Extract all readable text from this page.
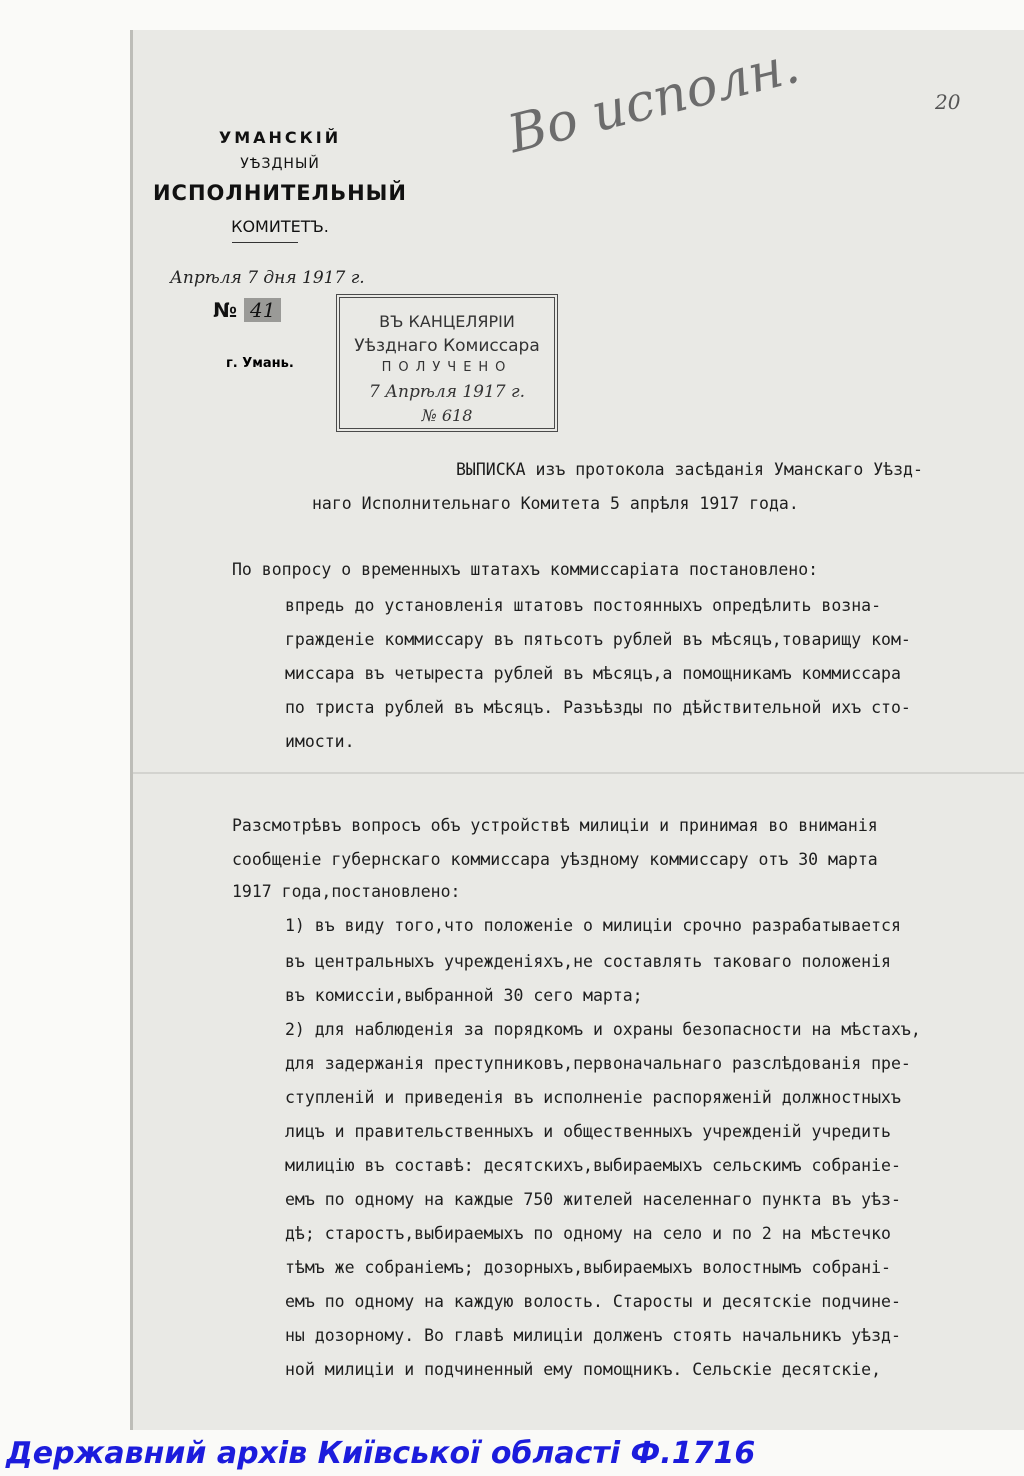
Во исполн.	20
УМАНСКІЙ
УѢЗДНЫЙ
ИСПОЛНИТЕЛЬНЫЙ
КОМИТЕТЪ.
Апрѣля 7 дня 1917 г.
№ 41
г. Умань.
ВЪ КАНЦЕЛЯРІИ
Уѣзднаго Комиссара
ПОЛУЧЕНО
7 Апрѣля 1917 г.
№ 618
ВЫПИСКА изъ протокола засѣданія Уманскаго Уѣзд-
наго Исполнительнаго Комитета 5 апрѣля 1917 года.
По вопросу о временныхъ штатахъ коммиссаріата постановлено:
впредь до установленія штатовъ постоянныхъ опредѣлить возна-
гражденіе коммиссару въ пятьсотъ рублей въ мѣсяцъ,товарищу ком-
миссара въ четыреста рублей въ мѣсяцъ,а помощникамъ коммиссара
по триста рублей въ мѣсяцъ. Разъѣзды по дѣйствительной ихъ сто-
имости.
Разсмотрѣвъ вопросъ объ устройствѣ милиціи и принимая во вниманія
сообщеніе губернскаго коммиссара уѣздному коммиссару отъ 30 марта
1917 года,постановлено:
1) въ виду того,что положеніе о милиціи срочно разрабатывается
въ центральныхъ учрежденіяхъ,не составлять таковаго положенія
въ комиссіи,выбранной 30 сего марта;
2) для наблюденія за порядкомъ и охраны безопасности на мѣстахъ,
для задержанія преступниковъ,первоначальнаго разслѣдованія пре-
ступленій и приведенія въ исполненіе распоряженій должностныхъ
лицъ и правительственныхъ и общественныхъ учрежденій учредить
милицію въ составѣ: десятскихъ,выбираемыхъ сельскимъ собраніе-
емъ по одному на каждые 750 жителей населеннаго пункта въ уѣз-
дѣ; старостъ,выбираемыхъ по одному на село и по 2 на мѣстечко
тѣмъ же собраніемъ; дозорныхъ,выбираемыхъ волостнымъ собрані-
емъ по одному на каждую волость. Старосты и десятскіе подчине-
ны дозорному. Во главѣ милиціи долженъ стоять начальникъ уѣзд-
ной милиціи и подчиненный ему помощникъ. Сельскіе десятскіе,
Державний архів Київської області Ф.1716
